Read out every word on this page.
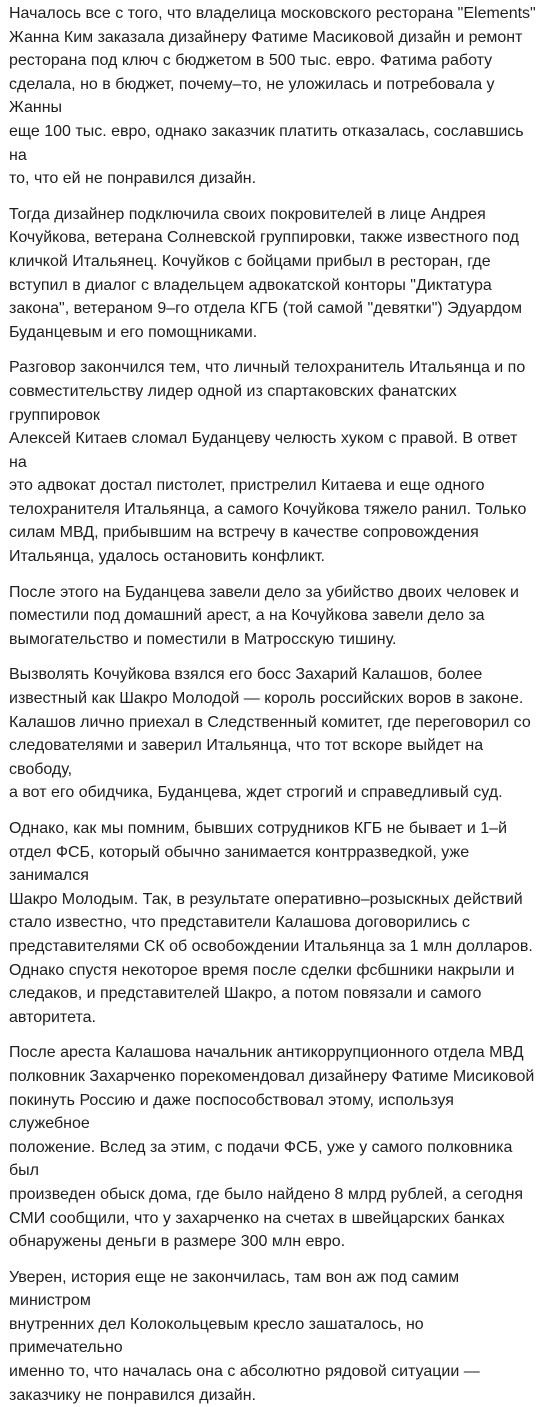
Началось все с того, что владелица московского ресторана "Elements"
Жанна Ким заказала дизайнеру Фатиме Масиковой дизайн и ремонт
ресторана под ключ с бюджетом в 500 тыс. евро. Фатима работу
сделала, но в бюджет, почему–то, не уложилась и потребовала у Жанны
еще 100 тыс. евро, однако заказчик платить отказалась, сославшись на
то, что ей не понравился дизайн.

Тогда дизайнер подключила своих покровителей в лице Андрея
Кочуйкова, ветерана Солневской группировки, также известного под
кличкой Итальянец. Кочуйков с бойцами прибыл в ресторан, где
вступил в диалог с владельцем адвокатской конторы "Диктатура
закона", ветераном 9–го отдела КГБ (той самой "девятки") Эдуардом
Буданцевым и его помощниками.

Разговор закончился тем, что личный телохранитель Итальянца и по
совместительству лидер одной из спартаковских фанатских группировок
Алексей Китаев сломал Буданцеву челюсть хуком с правой. В ответ на
это адвокат достал пистолет, пристрелил Китаева и еще одного
телохранителя Итальянца, а самого Кочуйкова тяжело ранил. Только
силам МВД, прибывшим на встречу в качестве сопровождения
Итальянца, удалось остановить конфликт.

После этого на Буданцева завели дело за убийство двоих человек и
поместили под домашний арест, а на Кочуйкова завели дело за
вымогательство и поместили в Матросскую тишину.

Вызволять Кочуйкова взялся его босс Захарий Калашов, более
известный как Шакро Молодой — король российских воров в законе.
Калашов лично приехал в Следственный комитет, где переговорил со
следователями и заверил Итальянца, что тот вскоре выйдет на свободу,
а вот его обидчика, Буданцева, ждет строгий и справедливый суд.

Однако, как мы помним, бывших сотрудников КГБ не бывает и 1–й
отдел ФСБ, который обычно занимается контрразведкой, уже занимался
Шакро Молодым. Так, в результате оперативно–розыскных действий
стало известно, что представители Калашова договорились с
представителями СК об освобождении Итальянца за 1 млн долларов.
Однако спустя некоторое время после сделки фсбшники накрыли и
следаков, и представителей Шакро, а потом повязали и самого
авторитета.

После ареста Калашова начальник антикоррупционного отдела МВД
полковник Захарченко порекомендовал дизайнеру Фатиме Мисиковой
покинуть Россию и даже поспособствовал этому, используя служебное
положение. Вслед за этим, с подачи ФСБ, уже у самого полковника был
произведен обыск дома, где было найдено 8 млрд рублей, а сегодня
СМИ сообщили, что у захарченко на счетах в швейцарских банках
обнаружены деньги в размере 300 млн евро.

Уверен, история еще не закончилась, там вон аж под самим министром
внутренних дел Колокольцевым кресло зашаталось, но примечательно
именно то, что началась она с абсолютно рядовой ситуации —
заказчику не понравился дизайн.
